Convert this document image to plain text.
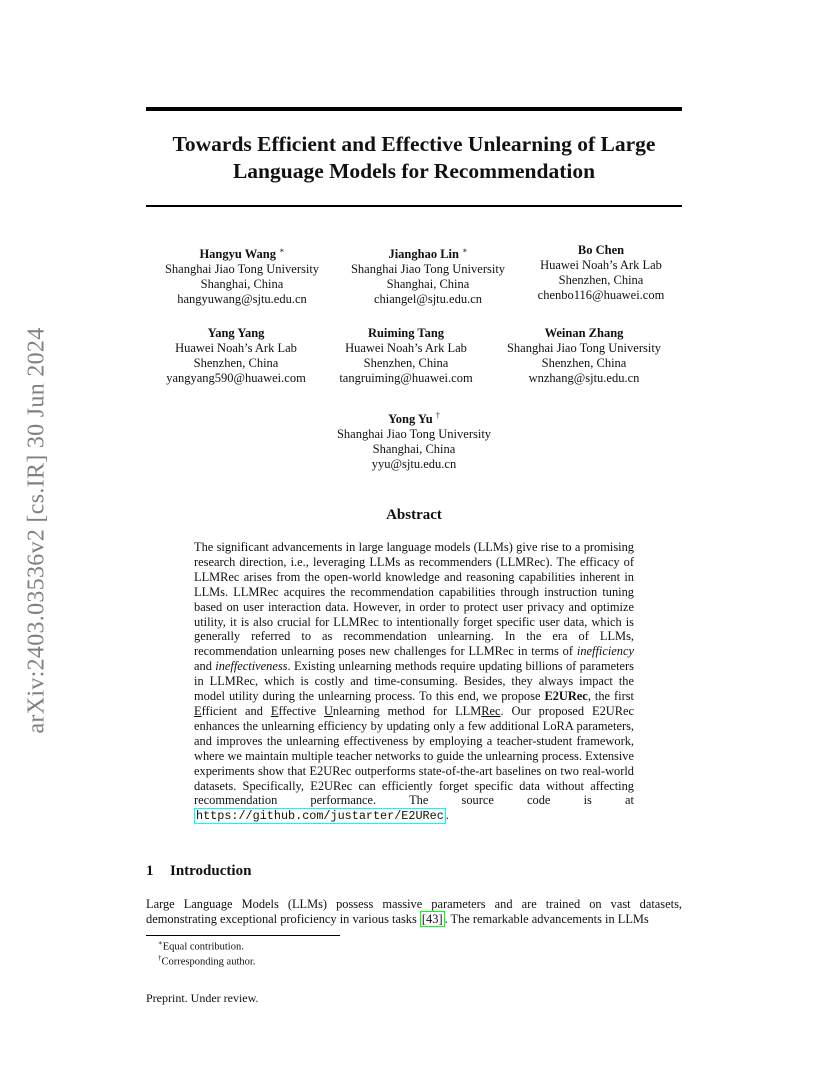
arXiv:2403.03536v2 [cs.IR] 30 Jun 2024
Towards Efficient and Effective Unlearning of Large
Language Models for Recommendation
Hangyu Wang ∗
Shanghai Jiao Tong University
Shanghai, China
hangyuwang@sjtu.edu.cn
Jianghao Lin ∗
Shanghai Jiao Tong University
Shanghai, China
chiangel@sjtu.edu.cn
Bo Chen
Huawei Noah’s Ark Lab
Shenzhen, China
chenbo116@huawei.com
Yang Yang
Huawei Noah’s Ark Lab
Shenzhen, China
yangyang590@huawei.com
Ruiming Tang
Huawei Noah’s Ark Lab
Shenzhen, China
tangruiming@huawei.com
Weinan Zhang
Shanghai Jiao Tong University
Shenzhen, China
wnzhang@sjtu.edu.cn
Yong Yu †
Shanghai Jiao Tong University
Shanghai, China
yyu@sjtu.edu.cn
Abstract

The significant advancements in large language models (LLMs) give rise to a promising research direction, i.e., leveraging LLMs as recommenders (LLMRec). The efficacy of LLMRec arises from the open-world knowledge and reasoning capabilities inherent in LLMs. LLMRec acquires the recommendation capabilities through instruction tuning based on user interaction data. However, in order to protect user privacy and optimize utility, it is also crucial for LLMRec to intentionally forget specific user data, which is generally referred to as recommendation unlearning. In the era of LLMs, recommendation unlearning poses new challenges for LLMRec in terms of inefficiency and ineffectiveness. Existing unlearning methods require updating billions of parameters in LLMRec, which is costly and time-consuming. Besides, they always impact the model utility during the unlearning process. To this end, we propose E2URec, the first Efficient and Effective Unlearning method for LLMRec. Our proposed E2URec enhances the unlearning efficiency by updating only a few additional LoRA parameters, and improves the unlearning effectiveness by employing a teacher-student framework, where we maintain multiple teacher networks to guide the unlearning process. Extensive experiments show that E2URec outperforms state-of-the-art baselines on two real-world datasets. Specifically, E2URec can efficiently forget specific data without affecting recommendation performance. The source code is at https://github.com/justarter/E2URec .

1 Introduction

Large Language Models (LLMs) possess massive parameters and are trained on vast datasets, demonstrating exceptional proficiency in various tasks [43] . The remarkable advancements in LLMs

∗Equal contribution.
†Corresponding author.
Preprint. Under review.
